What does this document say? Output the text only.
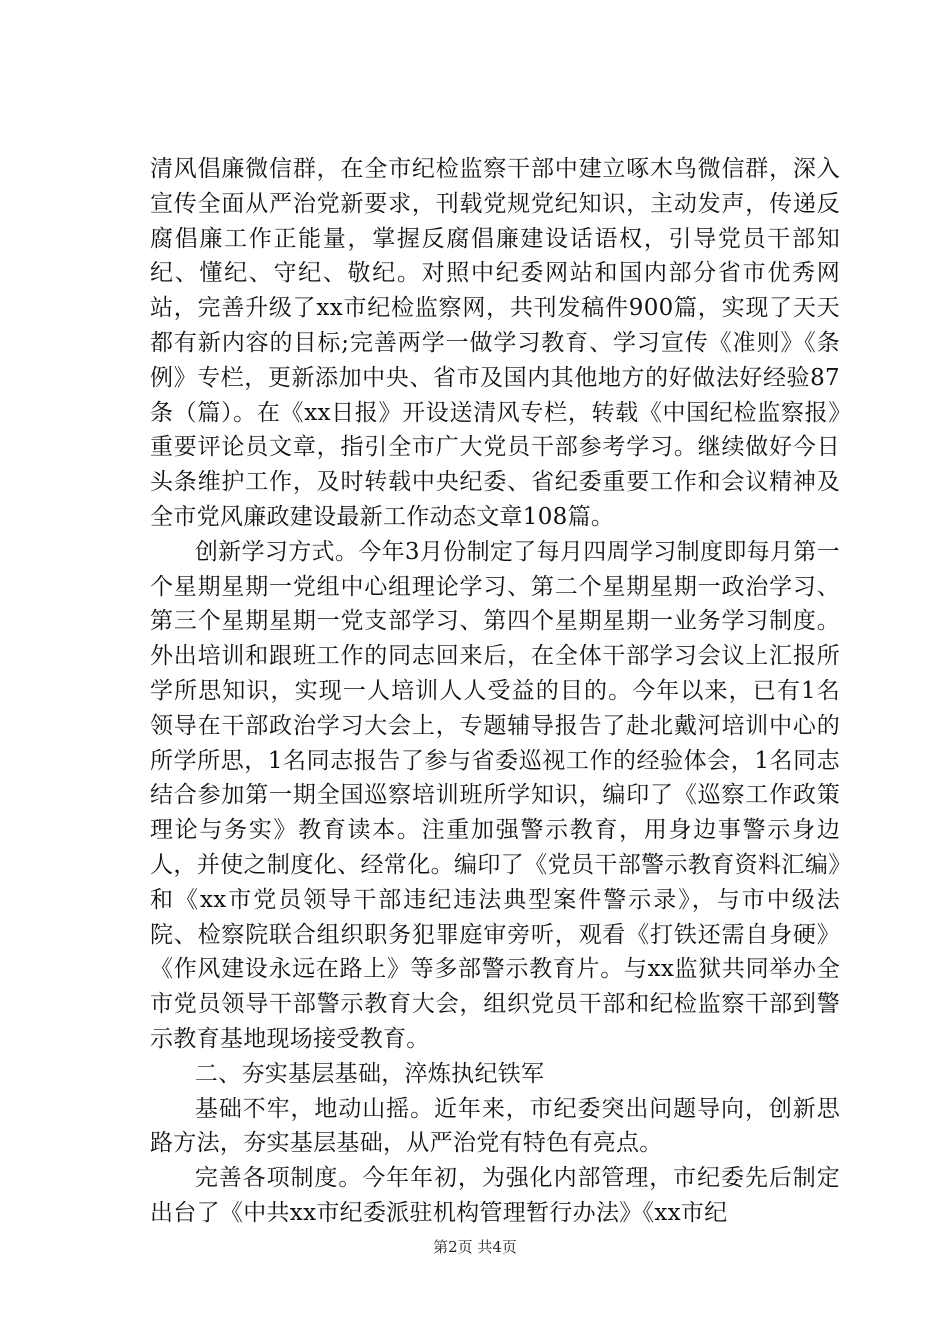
清风倡廉微信群，在全市纪检监察干部中建立啄木鸟微信群，深入宣传全面从严治党新要求，刊载党规党纪知识，主动发声，传递反腐倡廉工作正能量，掌握反腐倡廉建设话语权，引导党员干部知纪、懂纪、守纪、敬纪。对照中纪委网站和国内部分省市优秀网站，完善升级了xx市纪检监察网，共刊发稿件900篇，实现了天天都有新内容的目标;完善两学一做学习教育、学习宣传《准则》《条例》专栏，更新添加中央、省市及国内其他地方的好做法好经验87条（篇）。在《xx日报》开设送清风专栏，转载《中国纪检监察报》重要评论员文章，指引全市广大党员干部参考学习。继续做好今日头条维护工作，及时转载中央纪委、省纪委重要工作和会议精神及全市党风廉政建设最新工作动态文章108篇。

创新学习方式。今年3月份制定了每月四周学习制度即每月第一个星期星期一党组中心组理论学习、第二个星期星期一政治学习、第三个星期星期一党支部学习、第四个星期星期一业务学习制度。外出培训和跟班工作的同志回来后，在全体干部学习会议上汇报所学所思知识，实现一人培训人人受益的目的。今年以来，已有1名领导在干部政治学习大会上，专题辅导报告了赴北戴河培训中心的所学所思，1名同志报告了参与省委巡视工作的经验体会，1名同志结合参加第一期全国巡察培训班所学知识，编印了《巡察工作政策理论与务实》教育读本。注重加强警示教育，用身边事警示身边人，并使之制度化、经常化。编印了《党员干部警示教育资料汇编》和《xx市党员领导干部违纪违法典型案件警示录》，与市中级法院、检察院联合组织职务犯罪庭审旁听，观看《打铁还需自身硬》《作风建设永远在路上》等多部警示教育片。与xx监狱共同举办全市党员领导干部警示教育大会，组织党员干部和纪检监察干部到警示教育基地现场接受教育。

二、夯实基层基础，淬炼执纪铁军

基础不牢，地动山摇。近年来，市纪委突出问题导向，创新思路方法，夯实基层基础，从严治党有特色有亮点。

完善各项制度。今年年初，为强化内部管理，市纪委先后制定出台了《中共xx市纪委派驻机构管理暂行办法》《xx市纪

第2页 共4页
